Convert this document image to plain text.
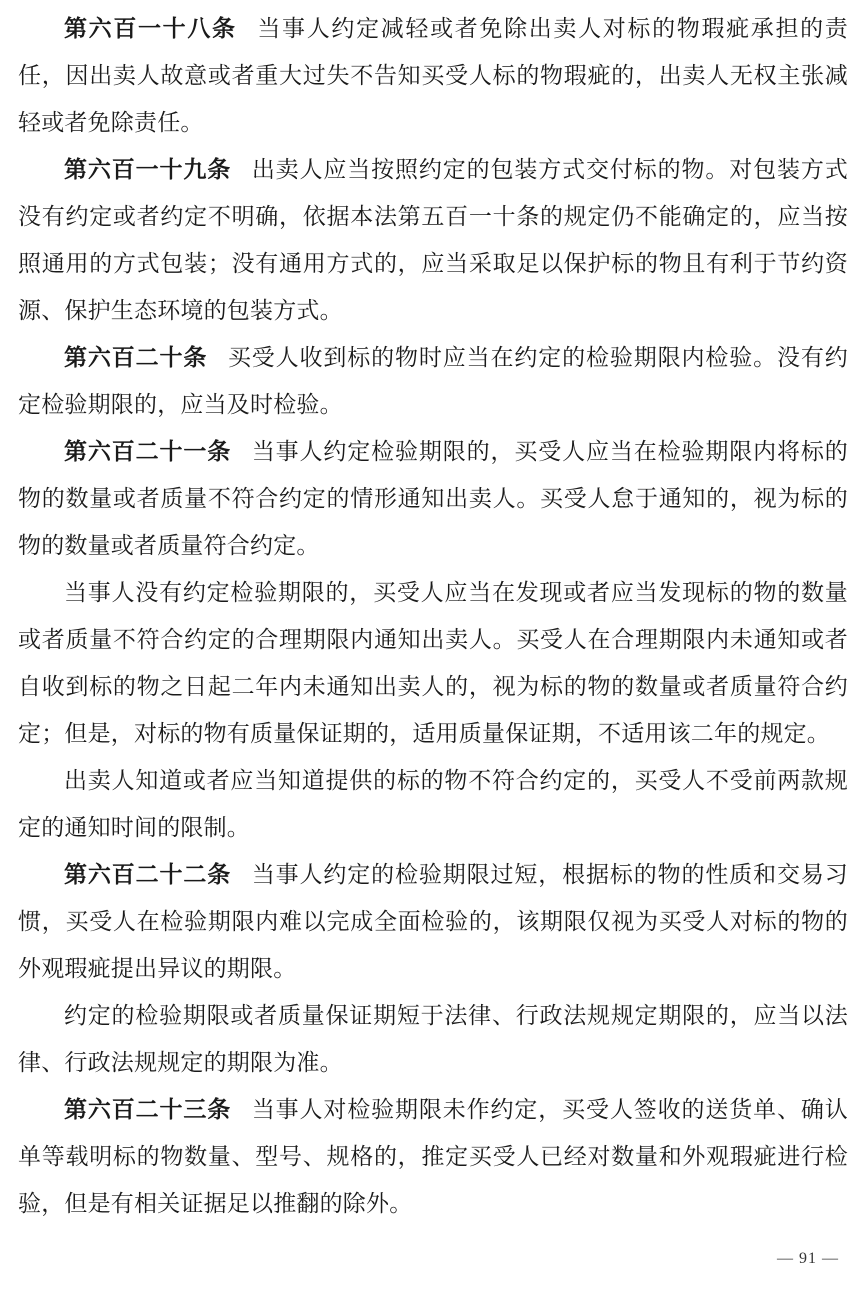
第六百一十八条 当事人约定减轻或者免除出卖人对标的物瑕疵承担的责任，因出卖人故意或者重大过失不告知买受人标的物瑕疵的，出卖人无权主张减轻或者免除责任。

第六百一十九条 出卖人应当按照约定的包装方式交付标的物。对包装方式没有约定或者约定不明确，依据本法第五百一十条的规定仍不能确定的，应当按照通用的方式包装；没有通用方式的，应当采取足以保护标的物且有利于节约资源、保护生态环境的包装方式。

第六百二十条 买受人收到标的物时应当在约定的检验期限内检验。没有约定检验期限的，应当及时检验。

第六百二十一条 当事人约定检验期限的，买受人应当在检验期限内将标的物的数量或者质量不符合约定的情形通知出卖人。买受人怠于通知的，视为标的物的数量或者质量符合约定。

当事人没有约定检验期限的，买受人应当在发现或者应当发现标的物的数量或者质量不符合约定的合理期限内通知出卖人。买受人在合理期限内未通知或者自收到标的物之日起二年内未通知出卖人的，视为标的物的数量或者质量符合约定；但是，对标的物有质量保证期的，适用质量保证期，不适用该二年的规定。

出卖人知道或者应当知道提供的标的物不符合约定的，买受人不受前两款规定的通知时间的限制。

第六百二十二条 当事人约定的检验期限过短，根据标的物的性质和交易习惯，买受人在检验期限内难以完成全面检验的，该期限仅视为买受人对标的物的外观瑕疵提出异议的期限。

约定的检验期限或者质量保证期短于法律、行政法规规定期限的，应当以法律、行政法规规定的期限为准。

第六百二十三条 当事人对检验期限未作约定，买受人签收的送货单、确认单等载明标的物数量、型号、规格的，推定买受人已经对数量和外观瑕疵进行检验，但是有相关证据足以推翻的除外。

— 91 —
